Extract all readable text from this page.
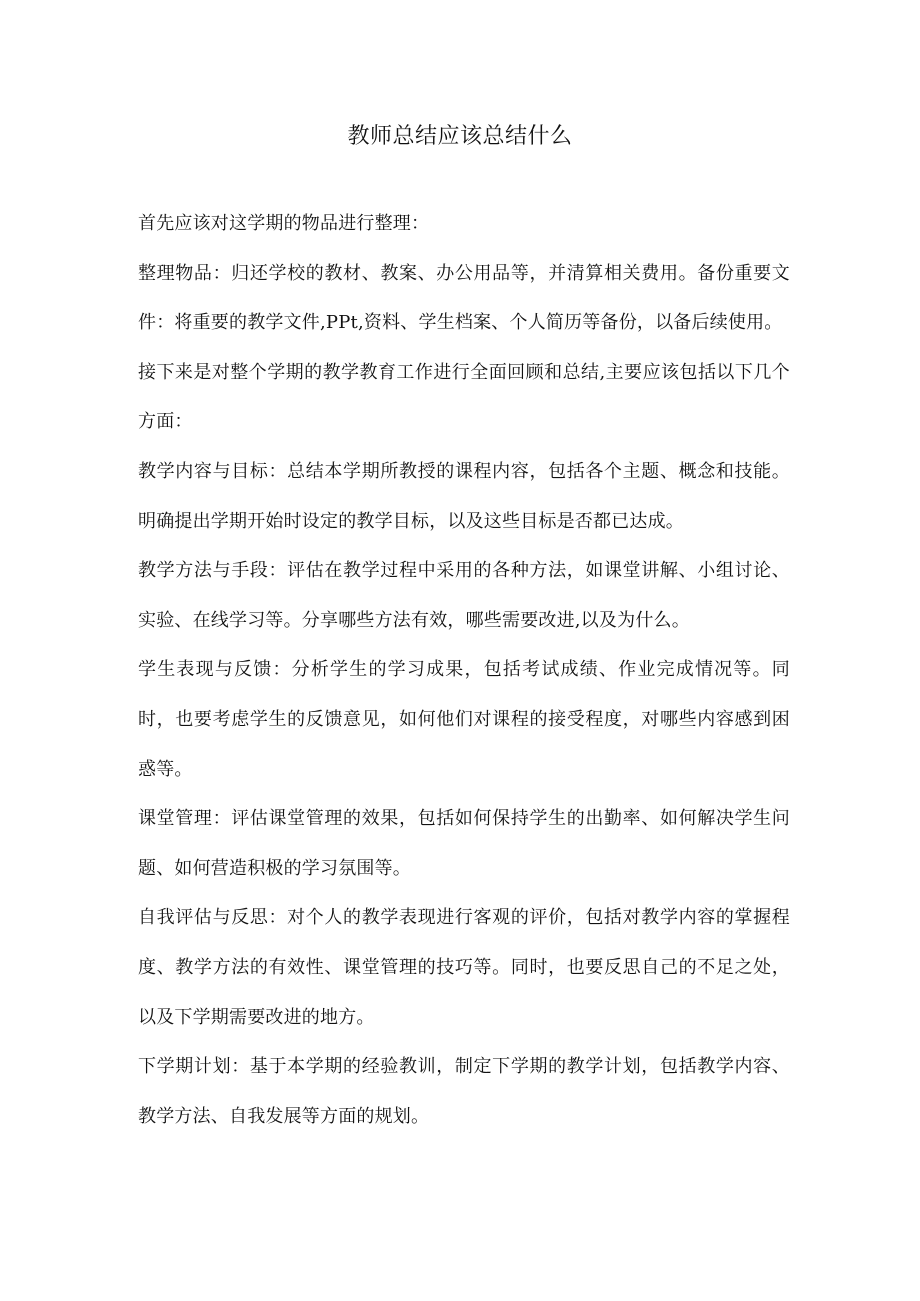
教师总结应该总结什么

首先应该对这学期的物品进行整理：

整理物品：归还学校的教材、教案、办公用品等，并清算相关费用。备份重要文件：将重要的教学文件,PPt,资料、学生档案、个人简历等备份，以备后续使用。

接下来是对整个学期的教学教育工作进行全面回顾和总结,主要应该包括以下几个方面：

教学内容与目标：总结本学期所教授的课程内容，包括各个主题、概念和技能。明确提出学期开始时设定的教学目标，以及这些目标是否都已达成。

教学方法与手段：评估在教学过程中采用的各种方法，如课堂讲解、小组讨论、实验、在线学习等。分享哪些方法有效，哪些需要改进,以及为什么。

学生表现与反馈：分析学生的学习成果，包括考试成绩、作业完成情况等。同时，也要考虑学生的反馈意见，如何他们对课程的接受程度，对哪些内容感到困惑等。

课堂管理：评估课堂管理的效果，包括如何保持学生的出勤率、如何解决学生问题、如何营造积极的学习氛围等。

自我评估与反思：对个人的教学表现进行客观的评价，包括对教学内容的掌握程度、教学方法的有效性、课堂管理的技巧等。同时，也要反思自己的不足之处，以及下学期需要改进的地方。

下学期计划：基于本学期的经验教训，制定下学期的教学计划，包括教学内容、教学方法、自我发展等方面的规划。
